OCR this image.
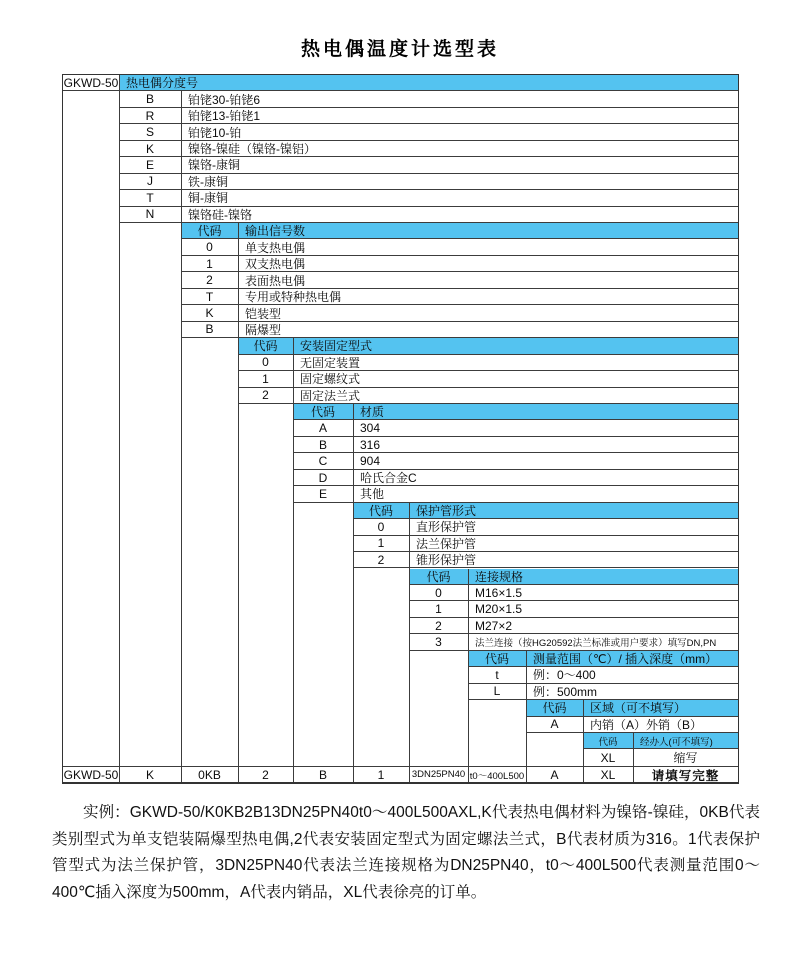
热电偶温度计选型表
GKWD-50 热电偶分度号
B	铂铑30-铂铑6
R	铂铑13-铂铑1
S	铂铑10-铂
K	镍铬-镍硅（镍铬-镍铝）
E	镍铬-康铜
J	铁-康铜
T	铜-康铜
N	镍铬硅-镍铬
代码	输出信号数
0	单支热电偶
1	双支热电偶
2	表面热电偶
T	专用或特种热电偶
K	铠装型
B	隔爆型
代码	安装固定型式
0	无固定装置
1	固定螺纹式
2	固定法兰式
代码	材质
A	304
B	316
C	904
D	哈氏合金C
E	其他
代码	保护管形式
0	直形保护管
1	法兰保护管
2	锥形保护管
代码	连接规格
0	M16×1.5
1	M20×1.5
2	M27×2
3	法兰连接（按HG20592法兰标准或用户要求）填写DN,PN
代码	测量范围（℃）/ 插入深度（mm）
t	例：0～400
L	例：500mm
代码	区域（可不填写）
A	内销（A）外销（B）
代码	经办人(可不填写)
XL	缩写
GKWD-50	K	0KB	2	B	1	3DN25PN40 t0～400L500	A	XL	请填写完整
实例：GKWD-50/K0KB2B13DN25PN40t0～400L500AXL,K代表热电偶材料为镍铬-镍硅，0KB代表类别型式为单支铠装隔爆型热电偶,2代表安装固定型式为固定螺法兰式，B代表材质为316。1代表保护管型式为法兰保护管，3DN25PN40代表法兰连接规格为DN25PN40，t0～400L500代表测量范围0～400℃插入深度为500mm，A代表内销品，XL代表徐亮的订单。
